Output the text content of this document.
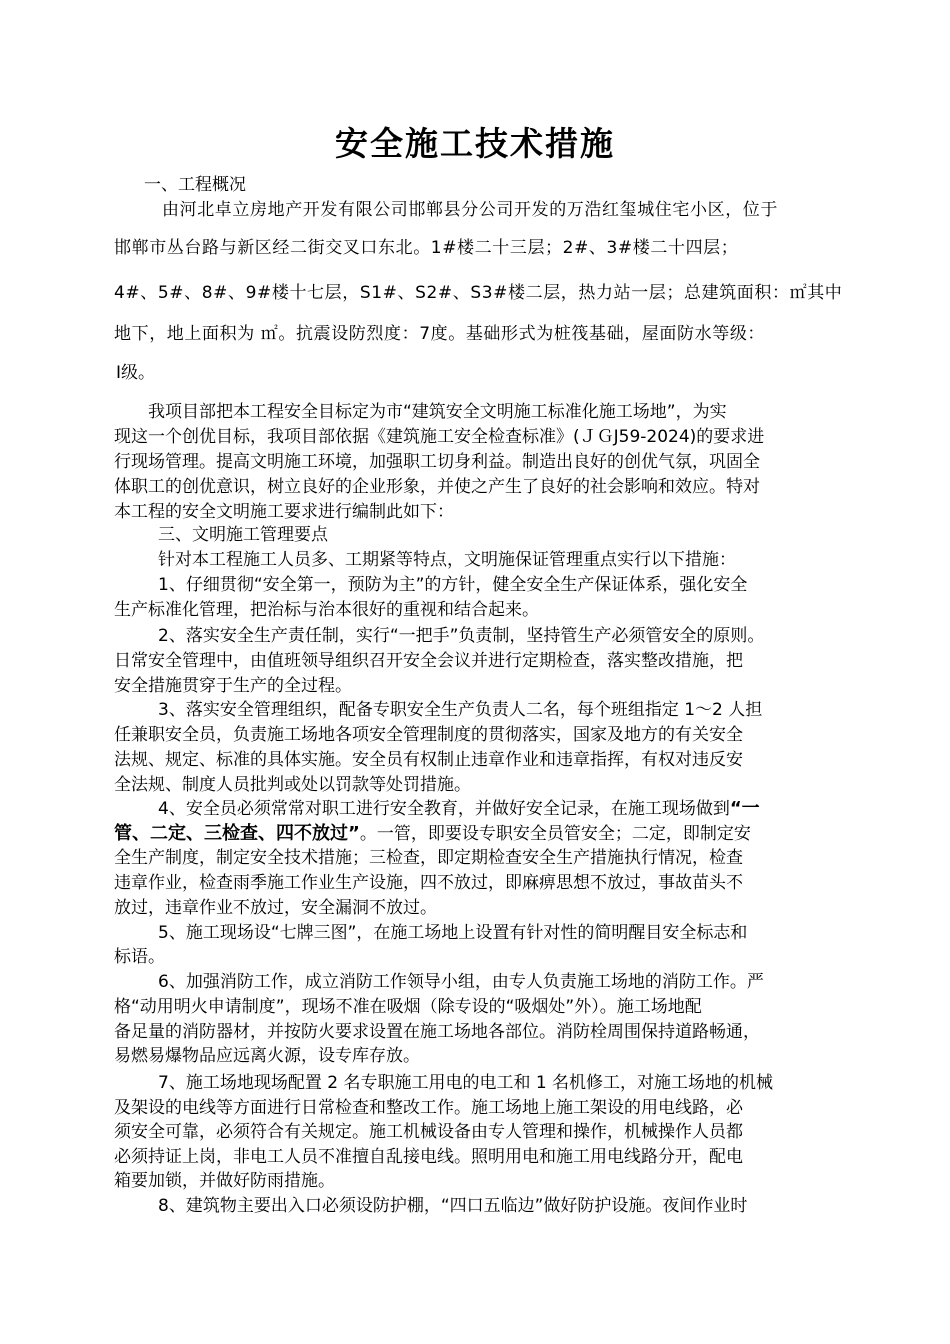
安全施工技术措施
一、工程概况
由河北卓立房地产开发有限公司邯郸县分公司开发的万浩红玺城住宅小区，位于
邯郸市丛台路与新区经二街交叉口东北。1#楼二十三层；2#、3#楼二十四层；
4#、5#、8#、9#楼十七层，S1#、S2#、S3#楼二层，热力站一层；总建筑面积：㎡其中
地下，地上面积为 ㎡。抗震设防烈度：7度。基础形式为桩筏基础，屋面防水等级：
Ⅰ级。
我项目部把本工程安全目标定为市“建筑安全文明施工标准化施工场地”，为实
现这一个创优目标，我项目部依据《建筑施工安全检查标准》(ＪＧJ59-2024)的要求进
行现场管理。提高文明施工环境，加强职工切身利益。制造出良好的创优气氛，巩固全
体职工的创优意识，树立良好的企业形象，并使之产生了良好的社会影响和效应。特对
本工程的安全文明施工要求进行编制此如下：
三、文明施工管理要点
针对本工程施工人员多、工期紧等特点，文明施保证管理重点实行以下措施：
1、仔细贯彻“安全第一，预防为主”的方针，健全安全生产保证体系，强化安全
生产标准化管理，把治标与治本很好的重视和结合起来。
2、落实安全生产责任制，实行“一把手”负责制，坚持管生产必须管安全的原则。
日常安全管理中，由值班领导组织召开安全会议并进行定期检查，落实整改措施，把
安全措施贯穿于生产的全过程。
3、落实安全管理组织，配备专职安全生产负责人二名，每个班组指定 1～2 人担
任兼职安全员，负责施工场地各项安全管理制度的贯彻落实，国家及地方的有关安全
法规、规定、标准的具体实施。安全员有权制止违章作业和违章指挥，有权对违反安
全法规、制度人员批判或处以罚款等处罚措施。
4、安全员必须常常对职工进行安全教育，并做好安全记录，在施工现场做到“一
管、二定、三检查、四不放过”。一管，即要设专职安全员管安全；二定，即制定安
全生产制度，制定安全技术措施；三检查，即定期检查安全生产措施执行情况，检查
违章作业，检查雨季施工作业生产设施，四不放过，即麻痹思想不放过，事故苗头不
放过，违章作业不放过，安全漏洞不放过。
5、施工现场设“七牌三图”，在施工场地上设置有针对性的简明醒目安全标志和
标语。
6、加强消防工作，成立消防工作领导小组，由专人负责施工场地的消防工作。严
格“动用明火申请制度”，现场不准在吸烟（除专设的“吸烟处”外）。施工场地配
备足量的消防器材，并按防火要求设置在施工场地各部位。消防栓周围保持道路畅通，
易燃易爆物品应远离火源，设专库存放。
7、施工场地现场配置 2 名专职施工用电的电工和 1 名机修工，对施工场地的机械
及架设的电线等方面进行日常检查和整改工作。施工场地上施工架设的用电线路，必
须安全可靠，必须符合有关规定。施工机械设备由专人管理和操作，机械操作人员都
必须持证上岗，非电工人员不准擅自乱接电线。照明用电和施工用电线路分开，配电
箱要加锁，并做好防雨措施。
8、建筑物主要出入口必须设防护棚，“四口五临边”做好防护设施。夜间作业时
